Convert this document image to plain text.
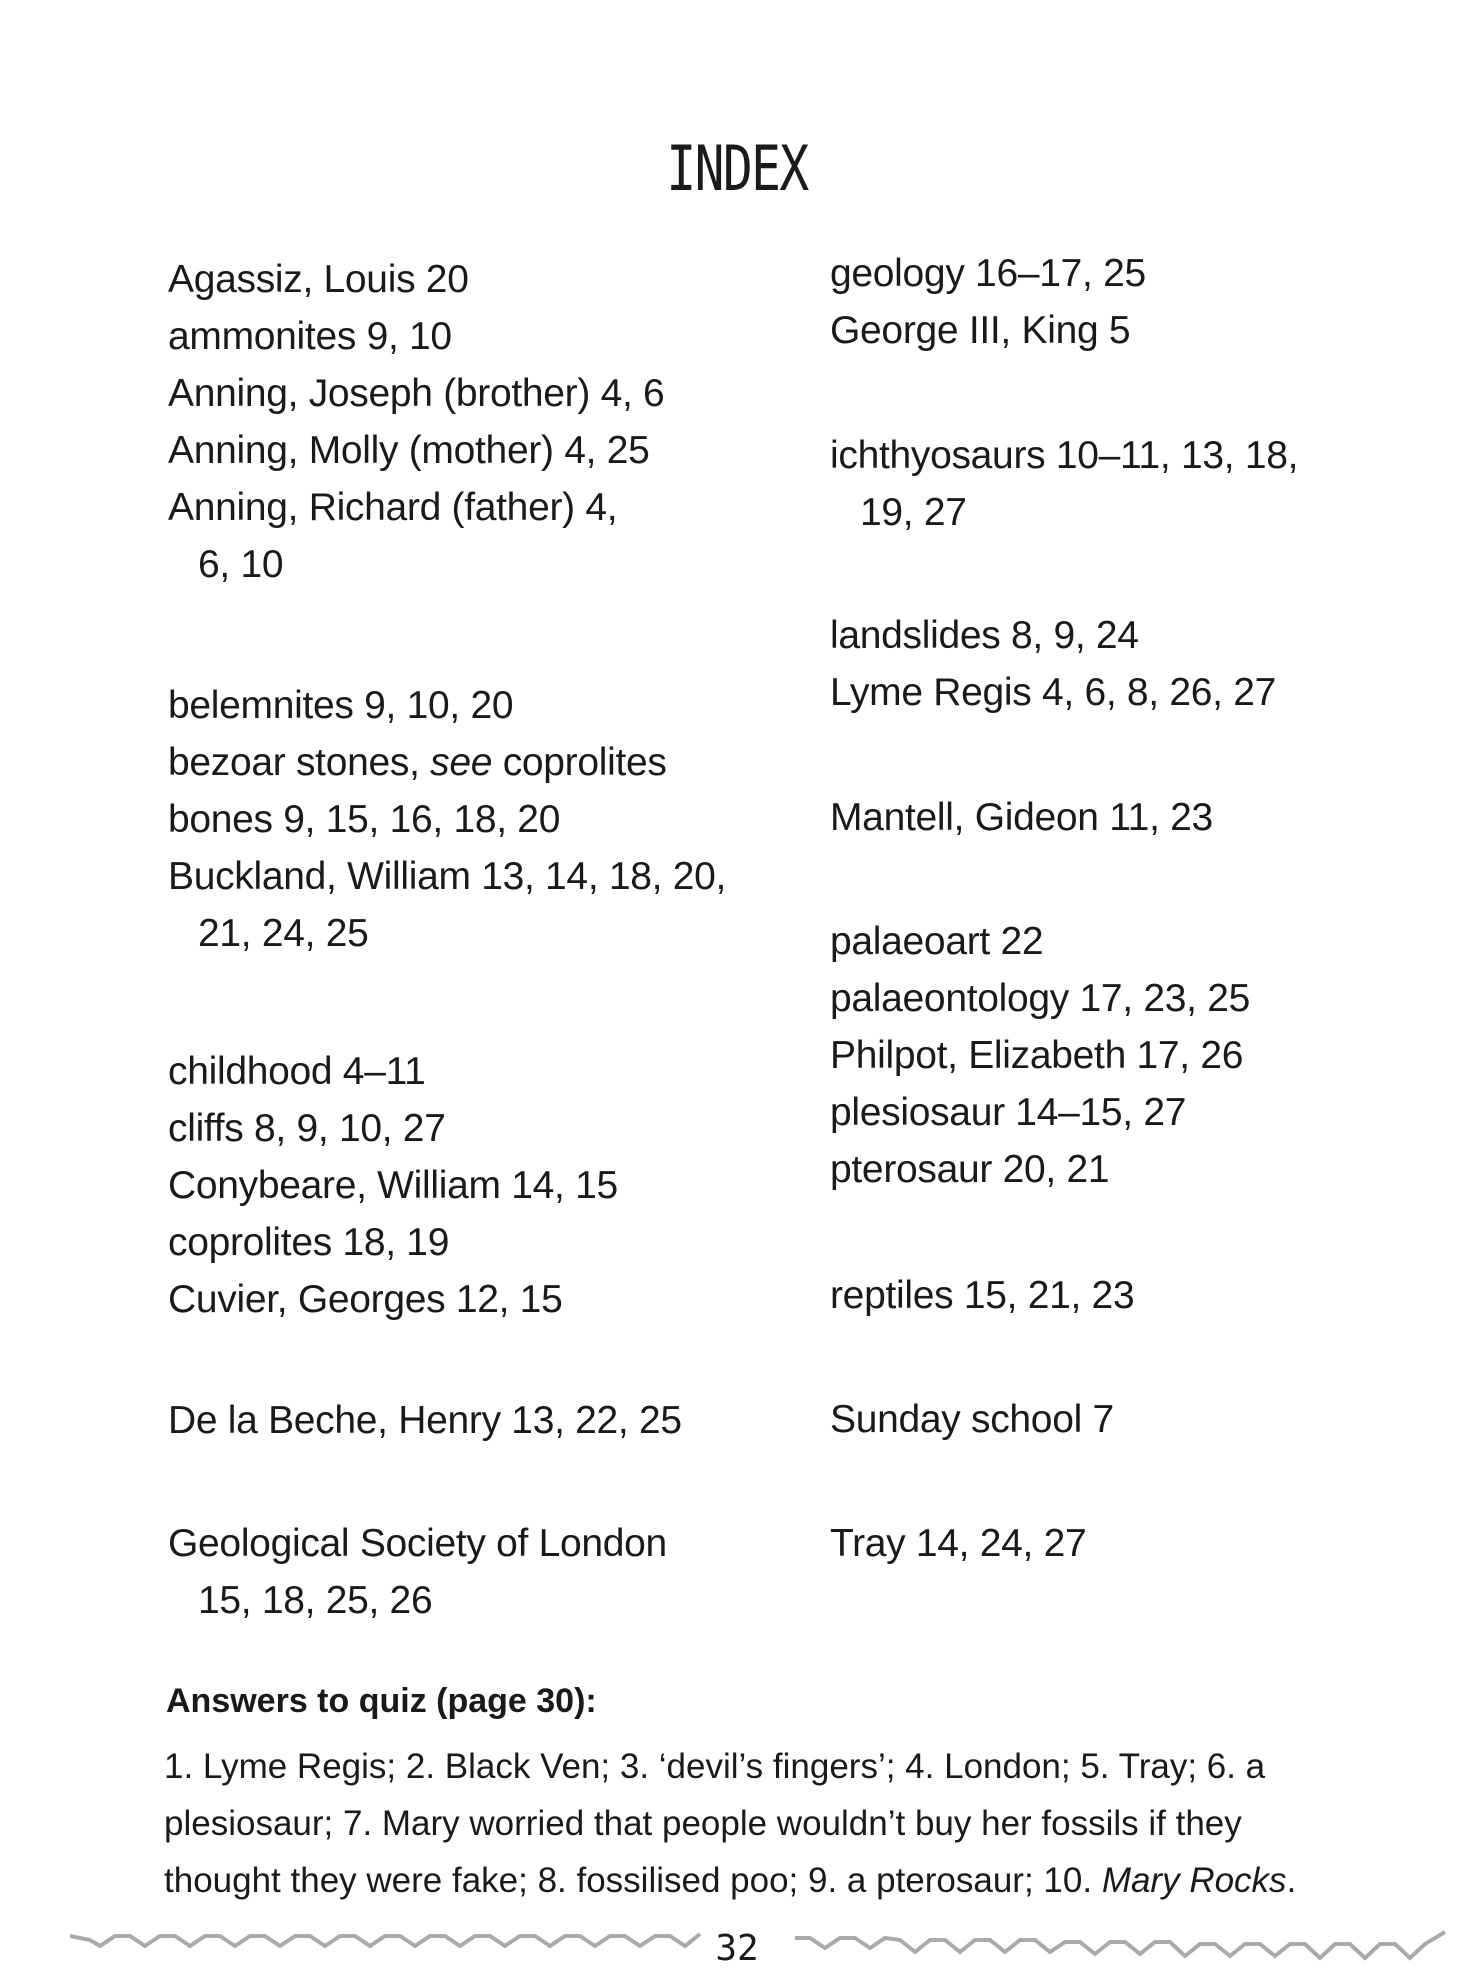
INDEX
Agassiz, Louis 20
ammonites 9, 10
Anning, Joseph (brother) 4, 6
Anning, Molly (mother) 4, 25
Anning, Richard (father) 4,
6, 10
belemnites 9, 10, 20
bezoar stones, see coprolites
bones 9, 15, 16, 18, 20
Buckland, William 13, 14, 18, 20,
21, 24, 25
childhood 4–11
cliffs 8, 9, 10, 27
Conybeare, William 14, 15
coprolites 18, 19
Cuvier, Georges 12, 15
De la Beche, Henry 13, 22, 25
Geological Society of London
15, 18, 25, 26
geology 16–17, 25
George III, King 5
ichthyosaurs 10–11, 13, 18,
19, 27
landslides 8, 9, 24
Lyme Regis 4, 6, 8, 26, 27
Mantell, Gideon 11, 23
palaeoart 22
palaeontology 17, 23, 25
Philpot, Elizabeth 17, 26
plesiosaur 14–15, 27
pterosaur 20, 21
reptiles 15, 21, 23
Sunday school 7
Tray 14, 24, 27
Answers to quiz (page 30):
1. Lyme Regis; 2. Black Ven; 3. ‘devil’s fingers’; 4. London; 5. Tray; 6. a
plesiosaur; 7. Mary worried that people wouldn’t buy her fossils if they
thought they were fake; 8. fossilised poo; 9. a pterosaur; 10. Mary Rocks.
32
